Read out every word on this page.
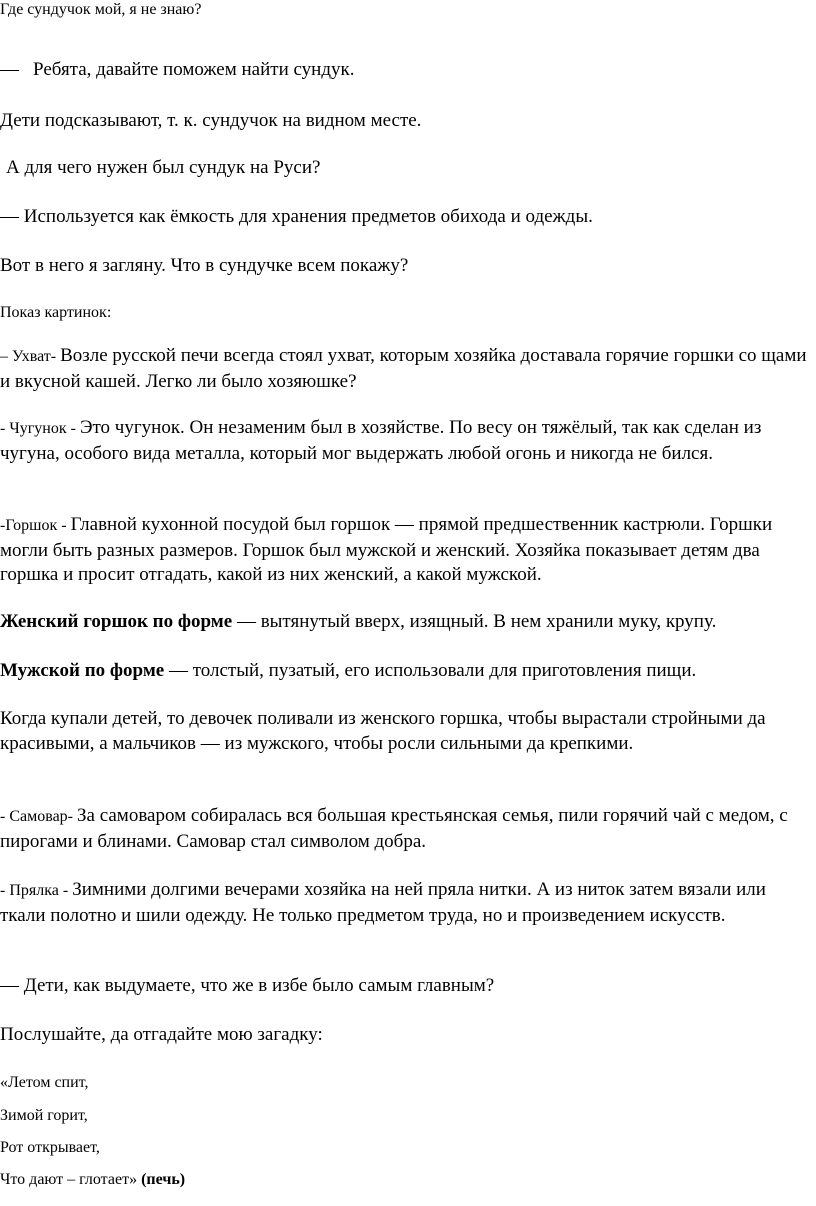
Где сундучок мой, я не знаю?

— Ребята, давайте поможем найти сундук.

Дети подсказывают, т. к. сундучок на видном месте.

А для чего нужен был сундук на Руси?

— Используется как ёмкость для хранения предметов обихода и одежды.

Вот в него я загляну. Что в сундучке всем покажу?

Показ картинок:

– Ухват- Возле русской печи всегда стоял ухват, которым хозяйка доставала горячие горшки со щами и вкусной кашей. Легко ли было хозяюшке?

- Чугунок - Это чугунок. Он незаменим был в хозяйстве. По весу он тяжёлый, так как сделан из чугуна, особого вида металла, который мог выдержать любой огонь и никогда не бился.

-Горшок - Главной кухонной посудой был горшок — прямой предшественник кастрюли. Горшки могли быть разных размеров. Горшок был мужской и женский. Хозяйка показывает детям два горшка и просит отгадать, какой из них женский, а какой мужской.

Женский горшок по форме — вытянутый вверх, изящный. В нем хранили муку, крупу.

Мужской по форме — толстый, пузатый, его использовали для приготовления пищи.

Когда купали детей, то девочек поливали из женского горшка, чтобы вырастали стройными да красивыми, а мальчиков — из мужского, чтобы росли сильными да крепкими.

- Самовар- За самоваром собиралась вся большая крестьянская семья, пили горячий чай с медом, с пирогами и блинами. Самовар стал символом добра.

- Прялка - Зимними долгими вечерами хозяйка на ней пряла нитки. А из ниток затем вязали или ткали полотно и шили одежду. Не только предметом труда, но и произведением искусств.

— Дети, как выдумаете, что же в избе было самым главным?

Послушайте, да отгадайте мою загадку:

«Летом спит,

Зимой горит,

Рот открывает,

Что дают – глотает» (печь)
